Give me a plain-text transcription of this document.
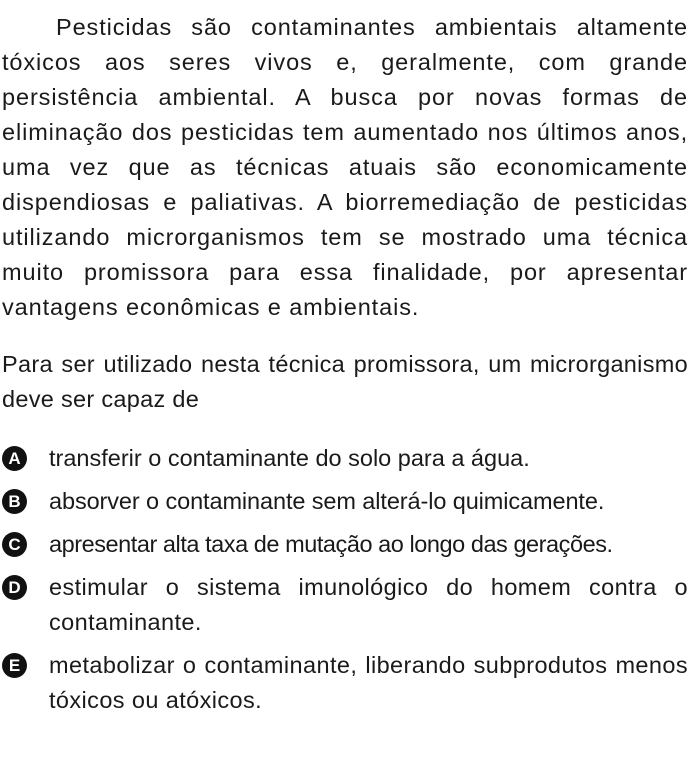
Pesticidas são contaminantes ambientais altamente tóxicos aos seres vivos e, geralmente, com grande persistência ambiental. A busca por novas formas de eliminação dos pesticidas tem aumentado nos últimos anos, uma vez que as técnicas atuais são economicamente dispendiosas e paliativas. A biorremediação de pesticidas utilizando microrganismos tem se mostrado uma técnica muito promissora para essa finalidade, por apresentar vantagens econômicas e ambientais.

Para ser utilizado nesta técnica promissora, um microrganismo deve ser capaz de

A transferir o contaminante do solo para a água.
B absorver o contaminante sem alterá-lo quimicamente.
C apresentar alta taxa de mutação ao longo das gerações.
D estimular o sistema imunológico do homem contra o contaminante.
E metabolizar o contaminante, liberando subprodutos menos tóxicos ou atóxicos.
